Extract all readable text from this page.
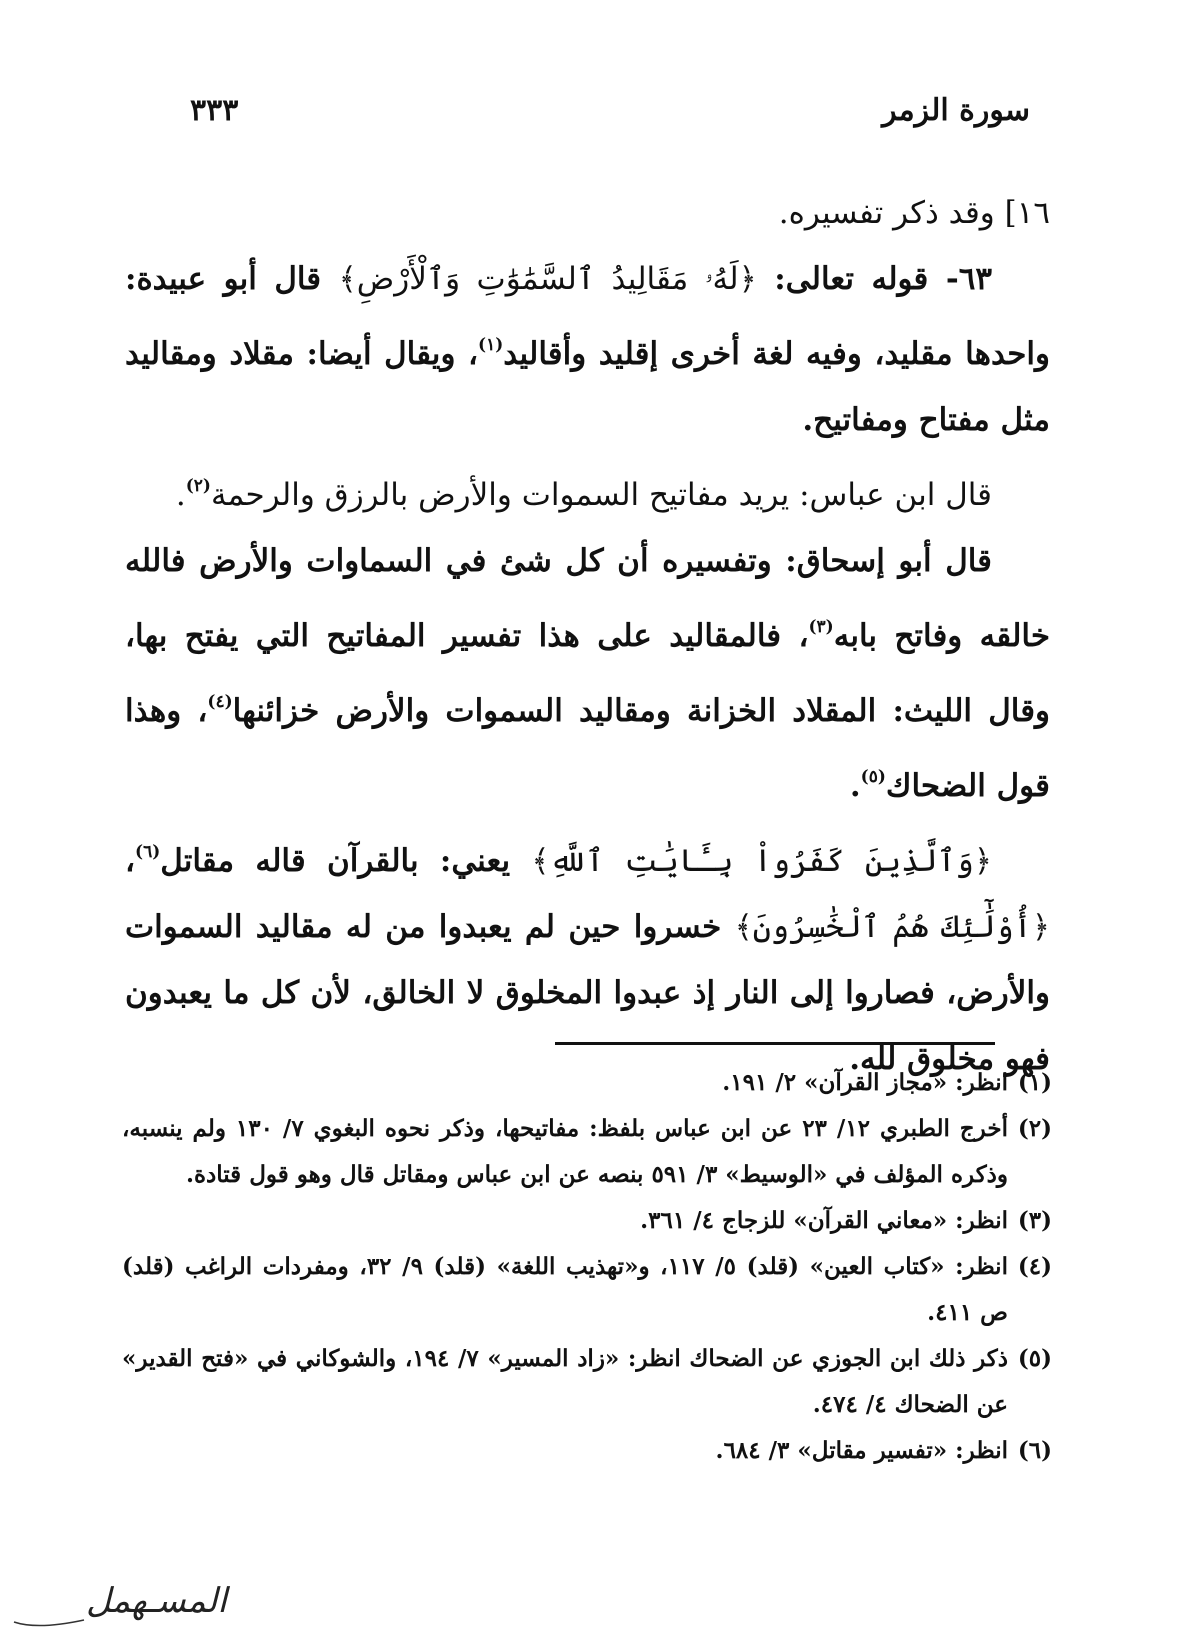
سورة الزمر
٣٣٣

١٦] وقد ذكر تفسيره.

٦٣- قوله تعالى: ﴿لَهُۥ مَقَالِيدُ ٱلسَّمَٰوَٰتِ وَٱلْأَرْضِ﴾ قال أبو عبيدة: واحدها مقليد، وفيه لغة أخرى إقليد وأقاليد$^{(١)}$، ويقال أيضا: مقلاد ومقاليد مثل مفتاح ومفاتيح.

قال ابن عباس: يريد مفاتيح السموات والأرض بالرزق والرحمة$^{(٢)}$.

قال أبو إسحاق: وتفسيره أن كل شئ في السماوات والأرض فالله خالقه وفاتح بابه$^{(٣)}$، فالمقاليد على هذا تفسير المفاتيح التي يفتح بها، وقال الليث: المقلاد الخزانة ومقاليد السموات والأرض خزائنها$^{(٤)}$، وهذا قول الضحاك$^{(٥)}$.

﴿وَٱلَّذِينَ كَفَرُواْ بِـَٔايَٰتِ ٱللَّهِ﴾ يعني: بالقرآن قاله مقاتل$^{(٦)}$، ﴿أُوْلَٰٓئِكَ هُمُ ٱلْخَٰسِرُونَ﴾ خسروا حين لم يعبدوا من له مقاليد السموات والأرض، فصاروا إلى النار إذ عبدوا المخلوق لا الخالق، لأن كل ما يعبدون فهو مخلوق لله.

(١)
انظر: «مجاز القرآن» ٢/ ١٩١.
(٢)
أخرج الطبري ١٢/ ٢٣ عن ابن عباس بلفظ: مفاتيحها، وذكر نحوه البغوي ٧/ ١٣٠ ولم ينسبه، وذكره المؤلف في «الوسيط» ٣/ ٥٩١ بنصه عن ابن عباس ومقاتل قال وهو قول قتادة.
(٣)
انظر: «معاني القرآن» للزجاج ٤/ ٣٦١.
(٤)
انظر: «كتاب العين» (قلد) ٥/ ١١٧، و«تهذيب اللغة» (قلد) ٩/ ٣٢، ومفردات الراغب (قلد) ص ٤١١.
(٥)
ذكر ذلك ابن الجوزي عن الضحاك انظر: «زاد المسير» ٧/ ١٩٤، والشوكاني في «فتح القدير» عن الضحاك ٤/ ٤٧٤.
(٦)
انظر: «تفسير مقاتل» ٣/ ٦٨٤.
المسـهمل
